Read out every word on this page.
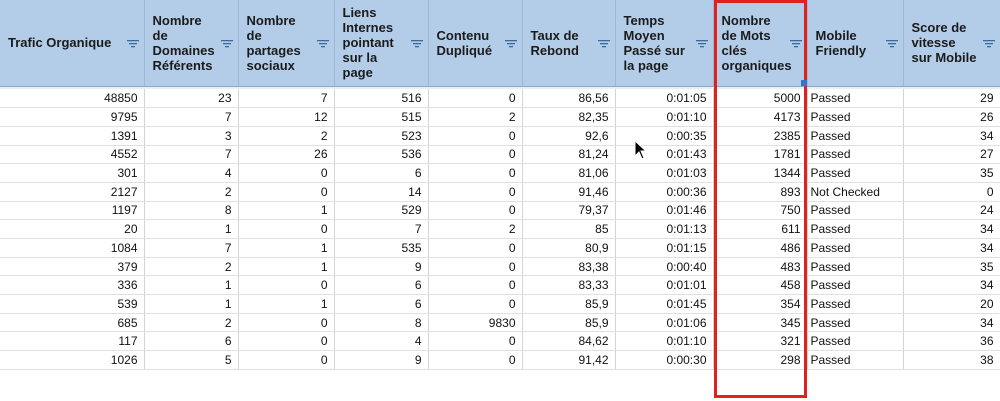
Trafic Organique	Nombre de Domaines Référents	Nombre de partages sociaux	Liens Internes pointant sur la page	Contenu Dupliqué	Taux de Rebond	Temps Moyen Passé sur la page	Nombre de Mots clés organiques	Mobile Friendly	Score de vitesse sur Mobile

48850	23	7	516	0	86,56	0:01:05	5000	Passed	29
9795	7	12	515	2	82,35	0:01:10	4173	Passed	26
1391	3	2	523	0	92,6	0:00:35	2385	Passed	34
4552	7	26	536	0	81,24	0:01:43	1781	Passed	27
301	4	0	6	0	81,06	0:01:03	1344	Passed	35
2127	2	0	14	0	91,46	0:00:36	893	Not Checked	0
1197	8	1	529	0	79,37	0:01:46	750	Passed	24
20	1	0	7	2	85	0:01:13	611	Passed	34
1084	7	1	535	0	80,9	0:01:15	486	Passed	34
379	2	1	9	0	83,38	0:00:40	483	Passed	35
336	1	0	6	0	83,33	0:01:01	458	Passed	34
539	1	1	6	0	85,9	0:01:45	354	Passed	20
685	2	0	8	9830	85,9	0:01:06	345	Passed	34
117	6	0	4	0	84,62	0:01:10	321	Passed	36
1026	5	0	9	0	91,42	0:00:30	298	Passed	38
